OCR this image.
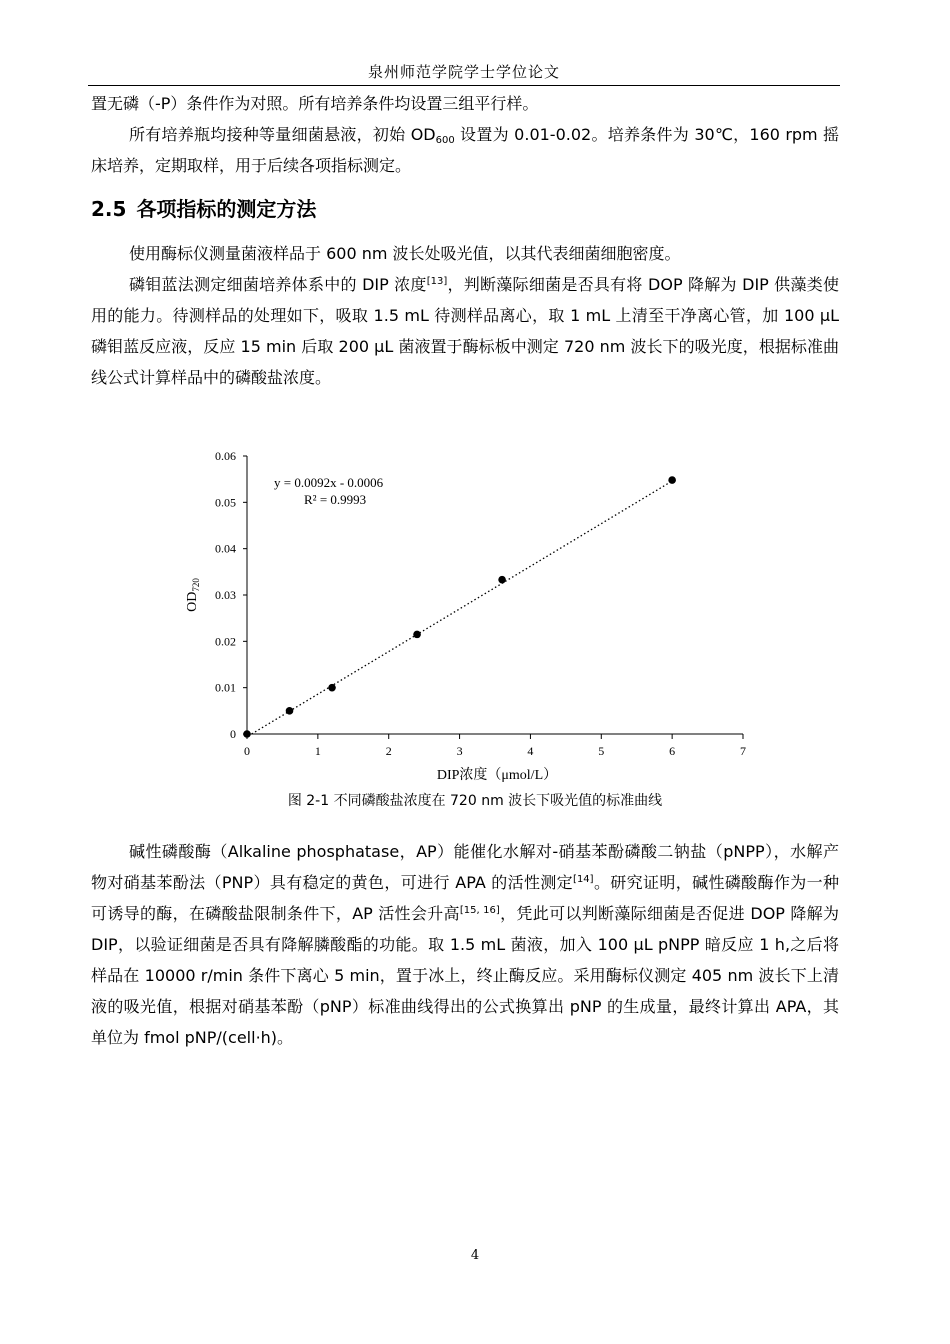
泉州师范学院学士学位论文

置无磷（-P）条件作为对照。所有培养条件均设置三组平行样。

所有培养瓶均接种等量细菌悬液，初始 $OD_{600}$ 设置为 0.01-0.02。培养条件为 30℃，160 rpm 摇床培养，定期取样，用于后续各项指标测定。

2.5 各项指标的测定方法

使用酶标仪测量菌液样品于 600 nm 波长处吸光值，以其代表细菌细胞密度。

磷钼蓝法测定细菌培养体系中的 DIP 浓度[13]，判断藻际细菌是否具有将 DOP 降解为 DIP 供藻类使用的能力。待测样品的处理如下，吸取 1.5 mL 待测样品离心，取 1 mL 上清至干净离心管，加 100 µL 磷钼蓝反应液，反应 15 min 后取 200 µL 菌液置于酶标板中测定 720 nm 波长下的吸光度，根据标准曲线公式计算样品中的磷酸盐浓度。

0
0.01
0.02
0.03
0.04
0.05
0.06
0	1	2	3	4	5	6	7
y = 0.0092x - 0.0006
R² = 0.9993
DIP浓度（μmol/L）
$OD_{720}$
图 2-1 不同磷酸盐浓度在 720 nm 波长下吸光值的标准曲线

碱性磷酸酶（Alkaline phosphatase，AP）能催化水解对-硝基苯酚磷酸二钠盐（pNPP），水解产物对硝基苯酚法（PNP）具有稳定的黄色，可进行 APA 的活性测定[14]。研究证明，碱性磷酸酶作为一种可诱导的酶，在磷酸盐限制条件下，AP 活性会升高[15, 16]，凭此可以判断藻际细菌是否促进 DOP 降解为 DIP，以验证细菌是否具有降解膦酸酯的功能。取 1.5 mL 菌液，加入 100 µL pNPP 暗反应 1 h,之后将样品在 10000 r/min 条件下离心 5 min，置于冰上，终止酶反应。采用酶标仪测定 405 nm 波长下上清液的吸光值，根据对硝基苯酚（pNP）标准曲线得出的公式换算出 pNP 的生成量，最终计算出 APA，其单位为 fmol pNP/(cell·h)。

4
